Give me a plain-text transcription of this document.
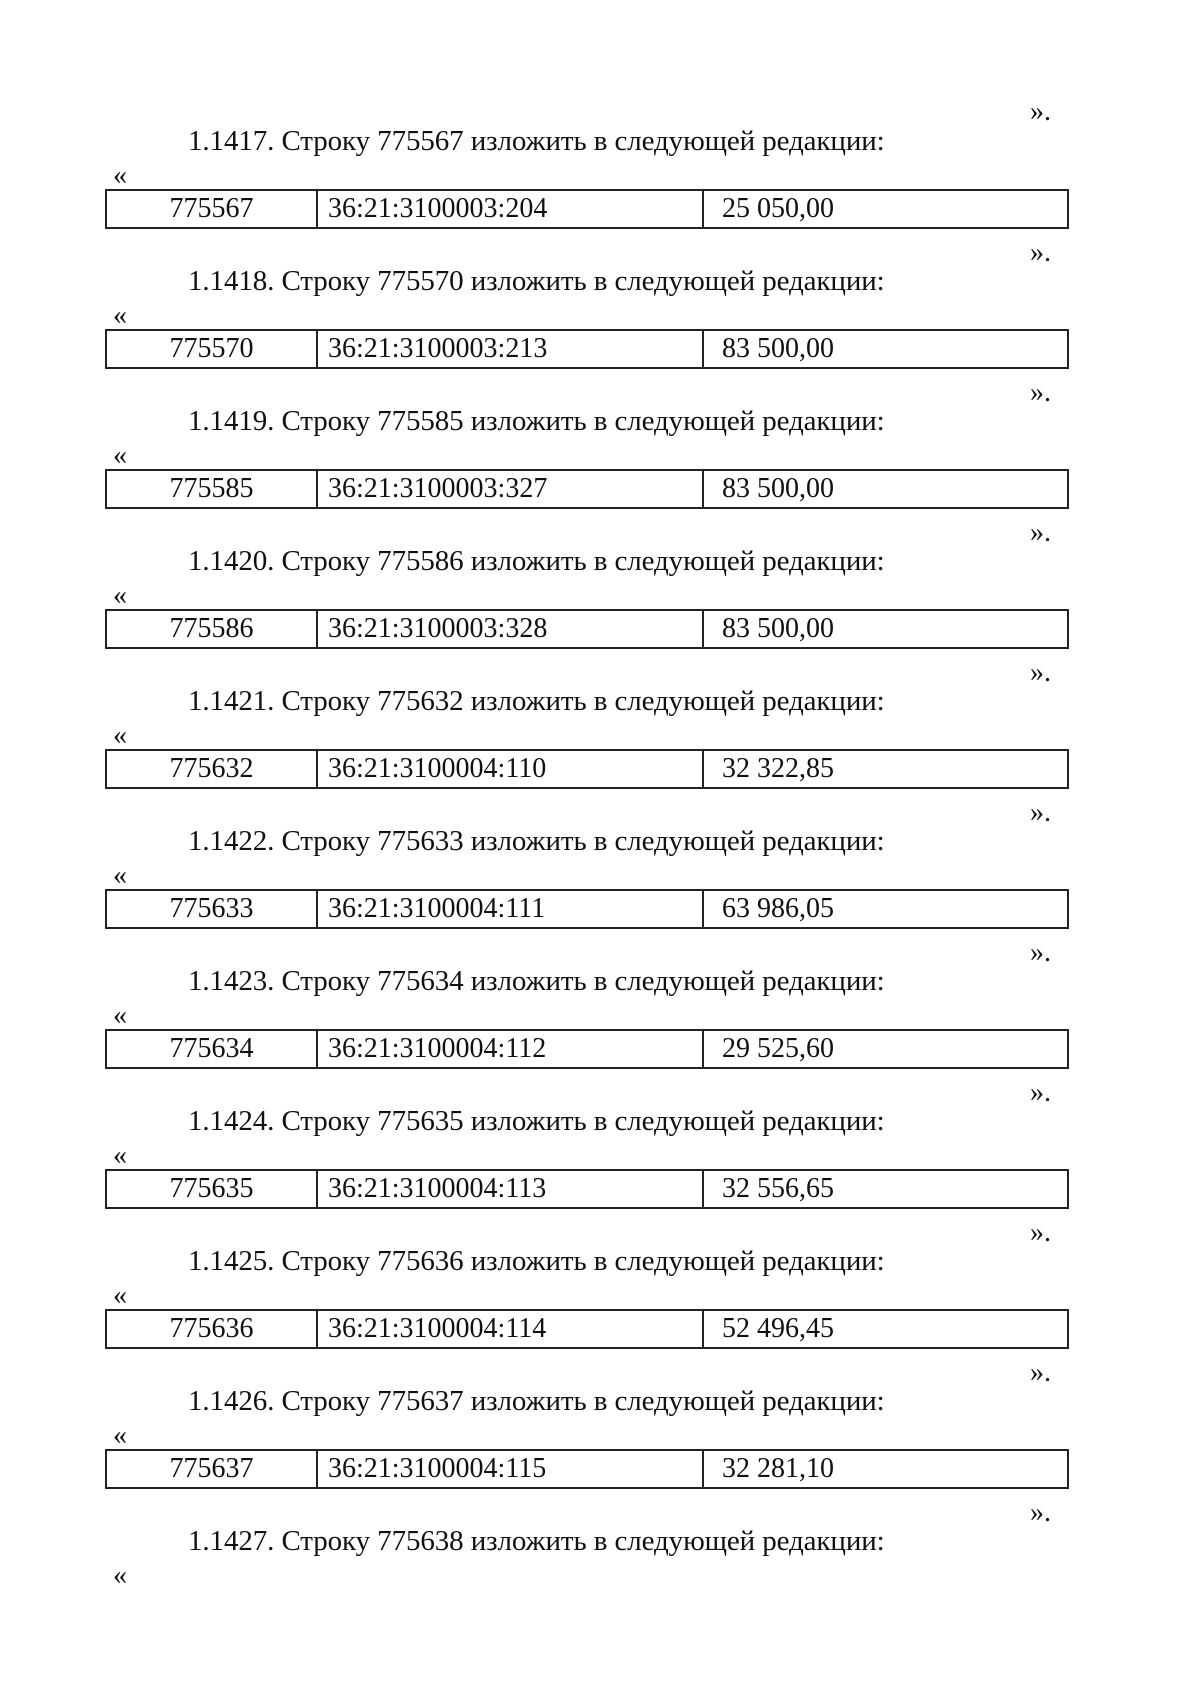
».
1.1417. Строку 775567 изложить в следующей редакции:
«
775567	36:21:3100003:204	25 050,00
».
1.1418. Строку 775570 изложить в следующей редакции:
«
775570	36:21:3100003:213	83 500,00
».
1.1419. Строку 775585 изложить в следующей редакции:
«
775585	36:21:3100003:327	83 500,00
».
1.1420. Строку 775586 изложить в следующей редакции:
«
775586	36:21:3100003:328	83 500,00
».
1.1421. Строку 775632 изложить в следующей редакции:
«
775632	36:21:3100004:110	32 322,85
».
1.1422. Строку 775633 изложить в следующей редакции:
«
775633	36:21:3100004:111	63 986,05
».
1.1423. Строку 775634 изложить в следующей редакции:
«
775634	36:21:3100004:112	29 525,60
».
1.1424. Строку 775635 изложить в следующей редакции:
«
775635	36:21:3100004:113	32 556,65
».
1.1425. Строку 775636 изложить в следующей редакции:
«
775636	36:21:3100004:114	52 496,45
».
1.1426. Строку 775637 изложить в следующей редакции:
«
775637	36:21:3100004:115	32 281,10
».
1.1427. Строку 775638 изложить в следующей редакции:
«
